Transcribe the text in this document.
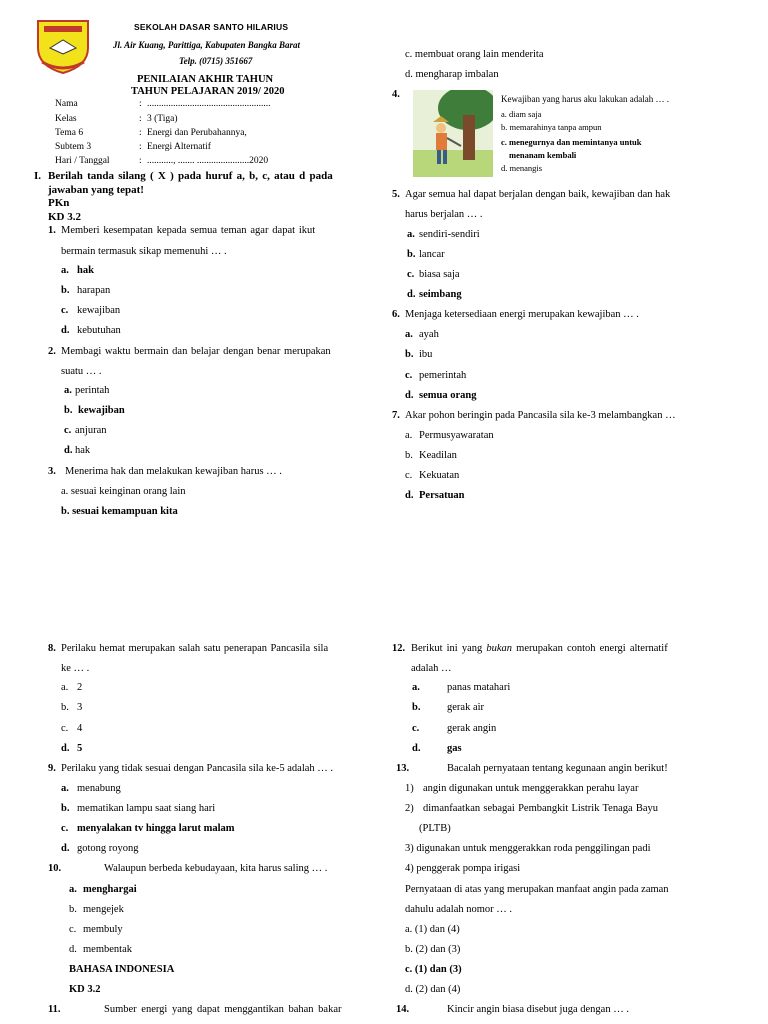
SEKOLAH DASAR SANTO HILARIUS
Jl. Air Kuang, Parittiga, Kabupaten Bangka Barat
Telp. (0715) 351667
PENILAIAN AKHIR TAHUN
TAHUN PELAJARAN 2019/ 2020
Nama	: ....................................................
Kelas	: 3 (Tiga)
Tema 6	: Energi dan Perubahannya,
Subtem 3	: Energi Alternatif
Hari / Tanggal	: ..........., ....... ......................2020
I. Berilah tanda silang ( X ) pada huruf a, b, c, atau d pada
jawaban yang tepat!
PKn
KD 3.2
1. Memberi kesempatan kepada semua teman agar dapat ikut
bermain termasuk sikap memenuhi … .
a. hak
b. harapan
c. kewajiban
d. kebutuhan
2. Membagi waktu bermain dan belajar dengan benar merupakan
suatu … .
a. perintah
b. kewajiban
c. anjuran
d. hak
3. Menerima hak dan melakukan kewajiban harus … .
a. sesuai keinginan orang lain
b. sesuai kemampuan kita
c. membuat orang lain menderita
d. mengharap imbalan
4.	Kewajiban yang harus aku lakukan adalah … .
a. diam saja
b. memarahinya tanpa ampun
c. menegurnya dan memintanya untuk
menanam kembali
d. menangis
5. Agar semua hal dapat berjalan dengan baik, kewajiban dan hak
harus berjalan … .
a. sendiri-sendiri
b. lancar
c. biasa saja
d. seimbang
6. Menjaga ketersediaan energi merupakan kewajiban … .
a. ayah
b. ibu
c. pemerintah
d. semua orang
7. Akar pohon beringin pada Pancasila sila ke-3 melambangkan …
a. Permusyawaratan
b. Keadilan
c. Kekuatan
d. Persatuan
8. Perilaku hemat merupakan salah satu penerapan Pancasila sila
ke … .
a. 2
b. 3
c. 4
d. 5
9. Perilaku yang tidak sesuai dengan Pancasila sila ke-5 adalah … .
a. menabung
b. mematikan lampu saat siang hari
c. menyalakan tv hingga larut malam
d. gotong royong
10.	Walaupun berbeda kebudayaan, kita harus saling … .
a. menghargai
b. mengejek
c. membuly
d. membentak
BAHASA INDONESIA
KD 3.2
11.	Sumber energi yang dapat menggantikan bahan bakar
12. Berikut ini yang bukan merupakan contoh energi alternatif
adalah …
a.	panas matahari
b.	gerak air
c.	gerak angin
d.	gas
13.	Bacalah pernyataan tentang kegunaan angin berikut!
1) angin digunakan untuk menggerakkan perahu layar
2) dimanfaatkan sebagai Pembangkit Listrik Tenaga Bayu
(PLTB)
3) digunakan untuk menggerakkan roda penggilingan padi
4) penggerak pompa irigasi
Pernyataan di atas yang merupakan manfaat angin pada zaman
dahulu adalah nomor … .
a. (1) dan (4)
b. (2) dan (3)
c. (1) dan (3)
d. (2) dan (4)
14.	Kincir angin biasa disebut juga dengan … .
